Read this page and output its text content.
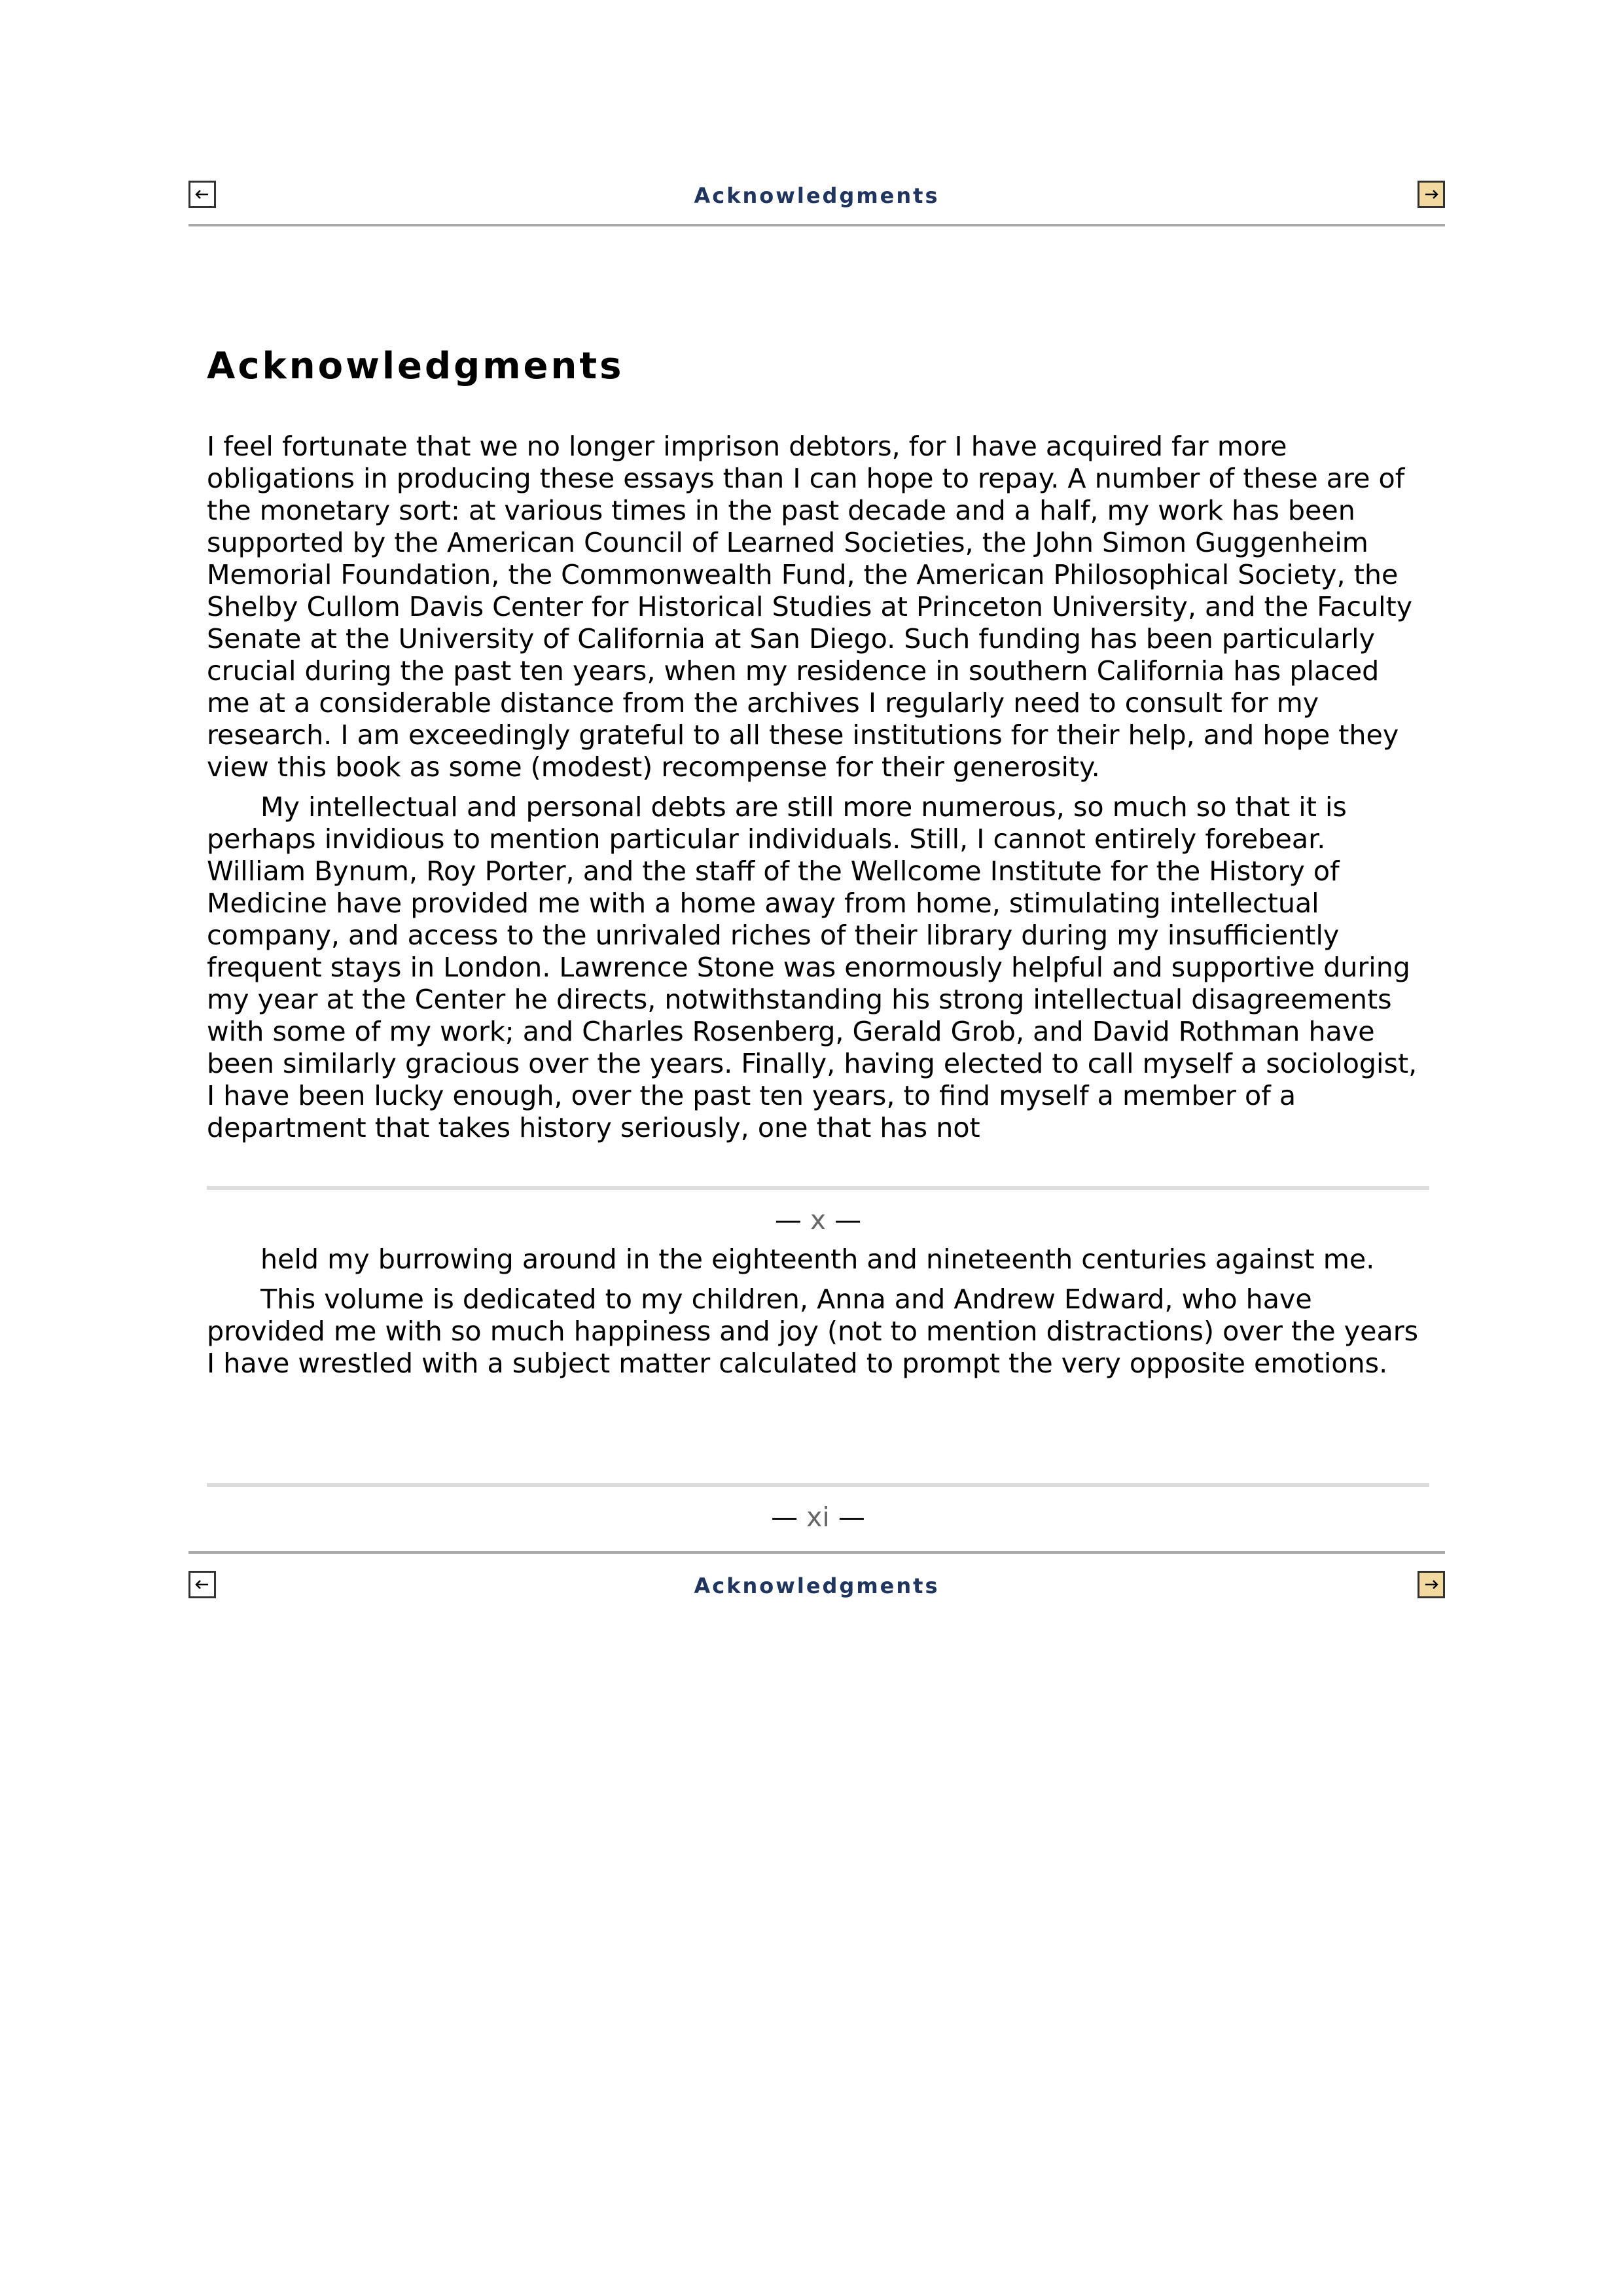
Acknowledgments
Acknowledgments

I feel fortunate that we no longer imprison debtors, for I have acquired far more obligations in producing these essays than I can hope to repay. A number of these are of the monetary sort: at various times in the past decade and a half, my work has been supported by the American Council of Learned Societies, the John Simon Guggenheim Memorial Foundation, the Commonwealth Fund, the American Philosophical Society, the Shelby Cullom Davis Center for Historical Studies at Princeton University, and the Faculty Senate at the University of California at San Diego. Such funding has been particularly crucial during the past ten years, when my residence in southern California has placed me at a considerable distance from the archives I regularly need to consult for my research. I am exceedingly grateful to all these institutions for their help, and hope they view this book as some (modest) recompense for their generosity.

My intellectual and personal debts are still more numerous, so much so that it is perhaps invidious to mention particular individuals. Still, I cannot entirely forebear. William Bynum, Roy Porter, and the staff of the Wellcome Institute for the History of Medicine have provided me with a home away from home, stimulating intellectual company, and access to the unrivaled riches of their library during my insufficiently frequent stays in London. Lawrence Stone was enormously helpful and supportive during my year at the Center he directs, notwithstanding his strong intellectual disagreements with some of my work; and Charles Rosenberg, Gerald Grob, and David Rothman have been similarly gracious over the years. Finally, having elected to call myself a sociologist, I have been lucky enough, over the past ten years, to find myself a member of a department that takes history seriously, one that has not

— x —

held my burrowing around in the eighteenth and nineteenth centuries against me.

This volume is dedicated to my children, Anna and Andrew Edward, who have provided me with so much happiness and joy (not to mention distractions) over the years I have wrestled with a subject matter calculated to prompt the very opposite emotions.

— xi —
Acknowledgments
